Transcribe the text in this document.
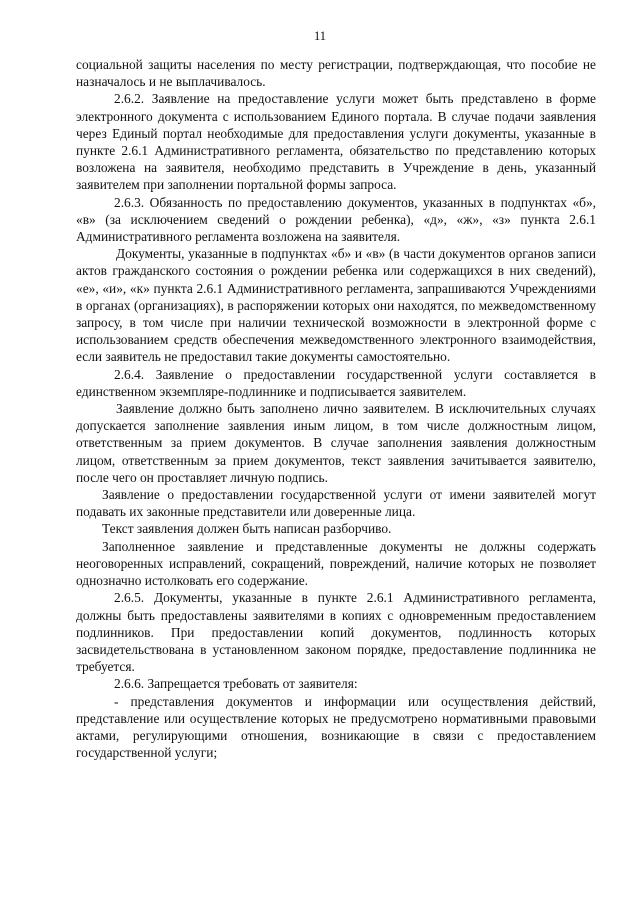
11

социальной защиты населения по месту регистрации, подтверждающая, что пособие не назначалось и не выплачивалось.

2.6.2. Заявление на предоставление услуги может быть представлено в форме электронного документа с использованием Единого портала. В случае подачи заявления через Единый портал необходимые для предоставления услуги документы, указанные в пункте 2.6.1 Административного регламента, обязательство по представлению которых возложена на заявителя, необходимо представить в Учреждение в день, указанный заявителем при заполнении портальной формы запроса.

2.6.3. Обязанность по предоставлению документов, указанных в подпунктах «б», «в» (за исключением сведений о рождении ребенка), «д», «ж», «з» пункта 2.6.1 Административного регламента возложена на заявителя.

Документы, указанные в подпунктах «б» и «в» (в части документов органов записи актов гражданского состояния о рождении ребенка или содержащихся в них сведений), «е», «и», «к» пункта 2.6.1 Административного регламента, запрашиваются Учреждениями в органах (организациях), в распоряжении которых они находятся, по межведомственному запросу, в том числе при наличии технической возможности в электронной форме с использованием средств обеспечения межведомственного электронного взаимодействия, если заявитель не предоставил такие документы самостоятельно.

2.6.4. Заявление о предоставлении государственной услуги составляется в единственном экземпляре-подлиннике и подписывается заявителем.

Заявление должно быть заполнено лично заявителем. В исключительных случаях допускается заполнение заявления иным лицом, в том числе должностным лицом, ответственным за прием документов. В случае заполнения заявления должностным лицом, ответственным за прием документов, текст заявления зачитывается заявителю, после чего он проставляет личную подпись.

Заявление о предоставлении государственной услуги от имени заявителей могут подавать их законные представители или доверенные лица.

Текст заявления должен быть написан разборчиво.

Заполненное заявление и представленные документы не должны содержать неоговоренных исправлений, сокращений, повреждений, наличие которых не позволяет однозначно истолковать его содержание.

2.6.5. Документы, указанные в пункте 2.6.1 Административного регламента, должны быть предоставлены заявителями в копиях с одновременным предоставлением подлинников. При предоставлении копий документов, подлинность которых засвидетельствована в установленном законом порядке, предоставление подлинника не требуется.

2.6.6. Запрещается требовать от заявителя:

- представления документов и информации или осуществления действий, представление или осуществление которых не предусмотрено нормативными правовыми актами, регулирующими отношения, возникающие в связи с предоставлением государственной услуги;
